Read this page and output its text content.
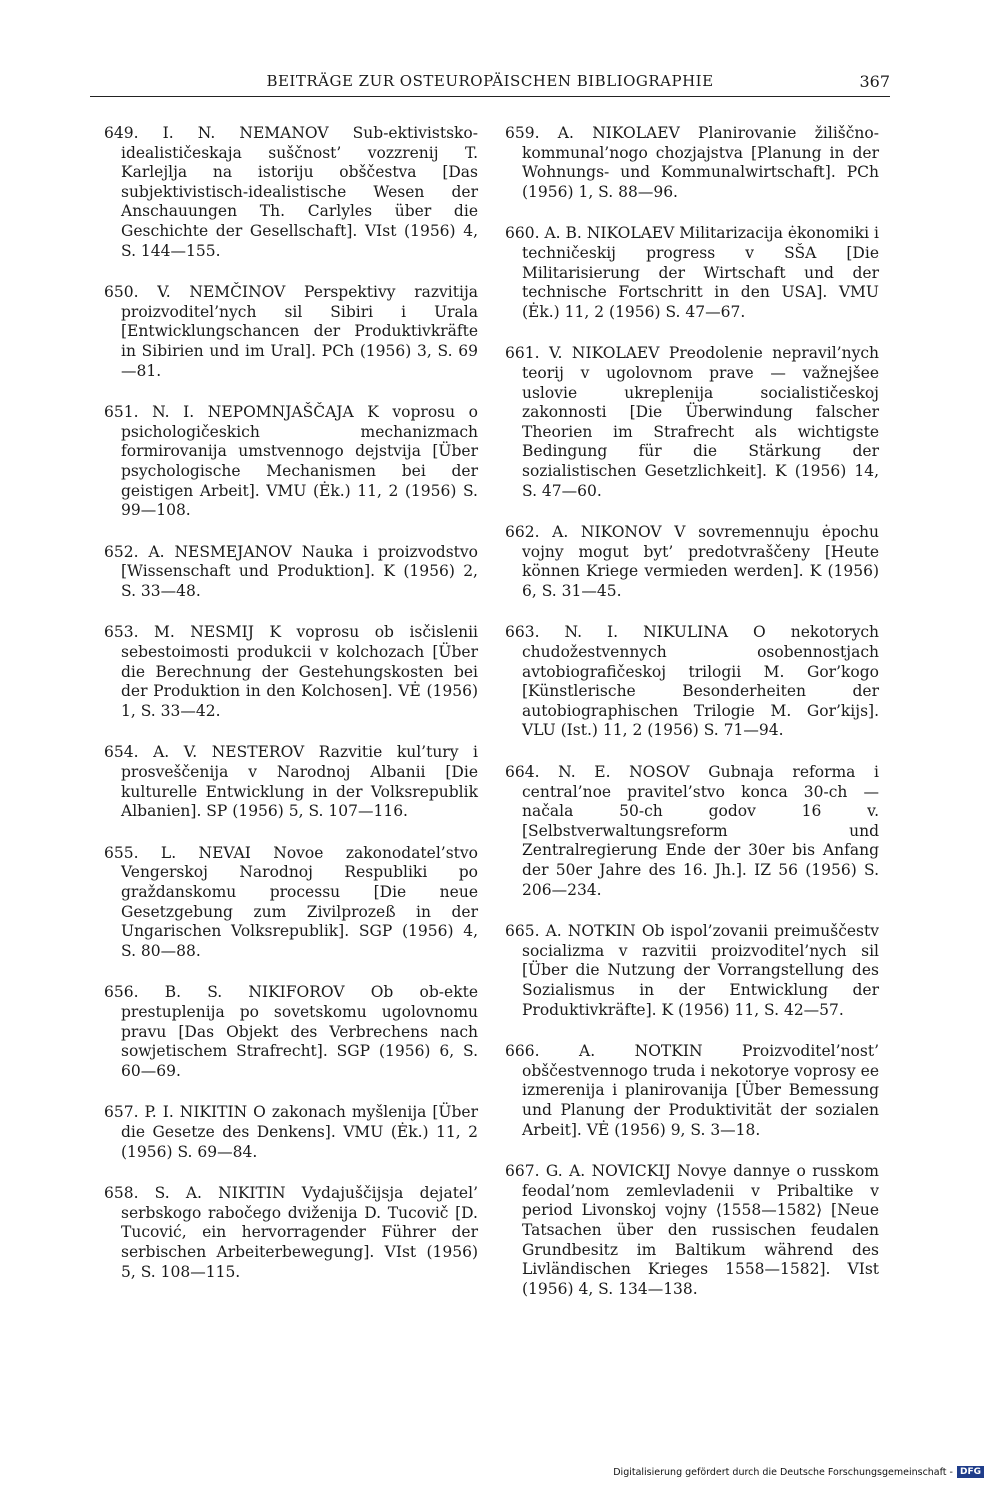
BEITRÄGE ZUR OSTEUROPÄISCHEN BIBLIOGRAPHIE	367

649. I. N. NEMANOV Sub-ektivistsko-idealističeskaja suščnost’ vozzrenij T. Karlejlja na istoriju obščestva [Das subjektivistisch-idealistische Wesen der Anschauungen Th. Carlyles über die Geschichte der Gesellschaft]. VIst (1956) 4, S. 144—155.

650. V. NEMČINOV Perspektivy razvitija proizvoditel’nych sil Sibiri i Urala [Entwicklungschancen der Produktivkräfte in Sibirien und im Ural]. PCh (1956) 3, S. 69—81.

651. N. I. NEPOMNJAŠČAJA K voprosu o psichologičeskich mechanizmach formirovanija umstvennogo dejstvija [Über psychologische Mechanismen bei der geistigen Arbeit]. VMU (Ėk.) 11, 2 (1956) S. 99—108.

652. A. NESMEJANOV Nauka i proizvodstvo [Wissenschaft und Produktion]. K (1956) 2, S. 33—48.

653. M. NESMIJ K voprosu ob isčislenii sebestoimosti produkcii v kolchozach [Über die Berechnung der Gestehungskosten bei der Produktion in den Kolchosen]. VĖ (1956) 1, S. 33—42.

654. A. V. NESTEROV Razvitie kul’tury i prosveščenija v Narodnoj Albanii [Die kulturelle Entwicklung in der Volksrepublik Albanien]. SP (1956) 5, S. 107—116.

655. L. NEVAI Novoe zakonodatel’stvo Vengerskoj Narodnoj Respubliki po graždanskomu processu [Die neue Gesetzgebung zum Zivilprozeß in der Ungarischen Volksrepublik]. SGP (1956) 4, S. 80—88.

656. B. S. NIKIFOROV Ob ob-ekte prestuplenija po sovetskomu ugolovnomu pravu [Das Objekt des Verbrechens nach sowjetischem Strafrecht]. SGP (1956) 6, S. 60—69.

657. P. I. NIKITIN O zakonach myšlenija [Über die Gesetze des Denkens]. VMU (Ėk.) 11, 2 (1956) S. 69—84.

658. S. A. NIKITIN Vydajuščijsja dejatel’ serbskogo rabočego dviženija D. Tucovič [D. Tucović, ein hervorragender Führer der serbischen Arbeiterbewegung]. VIst (1956) 5, S. 108—115.

659. A. NIKOLAEV Planirovanie žiliščno-kommunal’nogo chozjajstva [Planung in der Wohnungs- und Kommunalwirtschaft]. PCh (1956) 1, S. 88—96.

660. A. B. NIKOLAEV Militarizacija ėkonomiki i techničeskij progress v SŠA [Die Militarisierung der Wirtschaft und der technische Fortschritt in den USA]. VMU (Ėk.) 11, 2 (1956) S. 47—67.

661. V. NIKOLAEV Preodolenie nepravil’nych teorij v ugolovnom prave — važnejšee uslovie ukreplenija socialističeskoj zakonnosti [Die Überwindung falscher Theorien im Strafrecht als wichtigste Bedingung für die Stärkung der sozialistischen Gesetzlichkeit]. K (1956) 14, S. 47—60.

662. A. NIKONOV V sovremennuju ėpochu vojny mogut byt’ predotvraščeny [Heute können Kriege vermieden werden]. K (1956) 6, S. 31—45.

663. N. I. NIKULINA O nekotorych chudožestvennych osobennostjach avtobiografičeskoj trilogii M. Gor’kogo [Künstlerische Besonderheiten der autobiographischen Trilogie M. Gor’kijs]. VLU (Ist.) 11, 2 (1956) S. 71—94.

664. N. E. NOSOV Gubnaja reforma i central’noe pravitel’stvo konca 30-ch — načala 50-ch godov 16 v. [Selbstverwaltungsreform und Zentralregierung Ende der 30er bis Anfang der 50er Jahre des 16. Jh.]. IZ 56 (1956) S. 206—234.

665. A. NOTKIN Ob ispol’zovanii preimuščestv socializma v razvitii proizvoditel’nych sil [Über die Nutzung der Vorrangstellung des Sozialismus in der Entwicklung der Produktivkräfte]. K (1956) 11, S. 42—57.

666. A. NOTKIN Proizvoditel’nost’ obščestvennogo truda i nekotorye voprosy ee izmerenija i planirovanija [Über Bemessung und Planung der Produktivität der sozialen Arbeit]. VĖ (1956) 9, S. 3—18.

667. G. A. NOVICKIJ Novye dannye o russkom feodal’nom zemlevladenii v Pribaltike v period Livonskoj vojny ⟨1558—1582⟩ [Neue Tatsachen über den russischen feudalen Grundbesitz im Baltikum während des Livländischen Krieges 1558—1582]. VIst (1956) 4, S. 134—138.

Digitalisierung gefördert durch die Deutsche Forschungsgemeinschaft - DFG
